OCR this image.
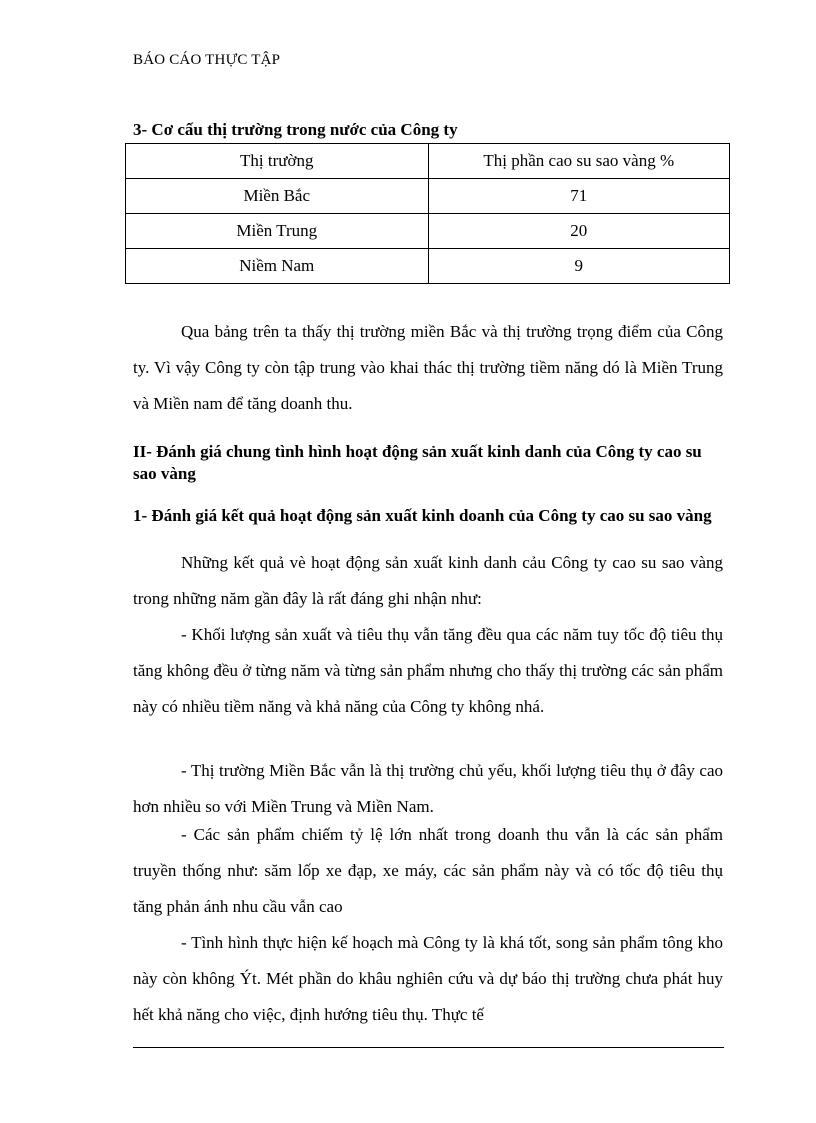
BÁO CÁO THỰC TẬP
3- Cơ cấu thị trường trong nước của Công ty
Thị trường	Thị phần cao su sao vàng %
Miền Bắc	71
Miền Trung	20
Niềm Nam	9
Qua bảng trên ta thấy thị trường miền Bắc và thị trường trọng điểm của Công ty. Vì vậy Công ty còn tập trung vào khai thác thị trường tiềm năng dó là Miền Trung và Miền nam để tăng doanh thu.
II- Đánh giá chung tình hình hoạt động sản xuất kinh danh của Công ty cao su sao vàng
1- Đánh giá kết quả hoạt động sản xuất kinh doanh của Công ty cao su sao vàng
Những kết quả vè hoạt động sản xuất kinh danh cảu Công ty cao su sao vàng trong những năm gần đây là rất đáng ghi nhận như:
- Khối lượng sản xuất và tiêu thụ vẫn tăng đều qua các năm tuy tốc độ tiêu thụ tăng không đều ở từng năm và từng sản phẩm nhưng cho thấy thị trường các sản phẩm này có nhiều tiềm năng và khả năng của Công ty không nhá.
- Thị trường Miền Bắc vẫn là thị trường chủ yếu, khối lượng tiêu thụ ở đây cao hơn nhiều so với Miền Trung và Miền Nam.
- Các sản phẩm chiếm tỷ lệ lớn nhất trong doanh thu vẫn là các sản phẩm truyền thống như: săm lốp xe đạp, xe máy, các sản phẩm này và có tốc độ tiêu thụ tăng phản ánh nhu cầu vẫn cao
- Tình hình thực hiện kế hoạch mà Công ty là khá tốt, song sản phẩm tông kho này còn không Ýt. Mét phần do khâu nghiên cứu và dự báo thị trường chưa phát huy hết khả năng cho việc, định hướng tiêu thụ. Thực tế
